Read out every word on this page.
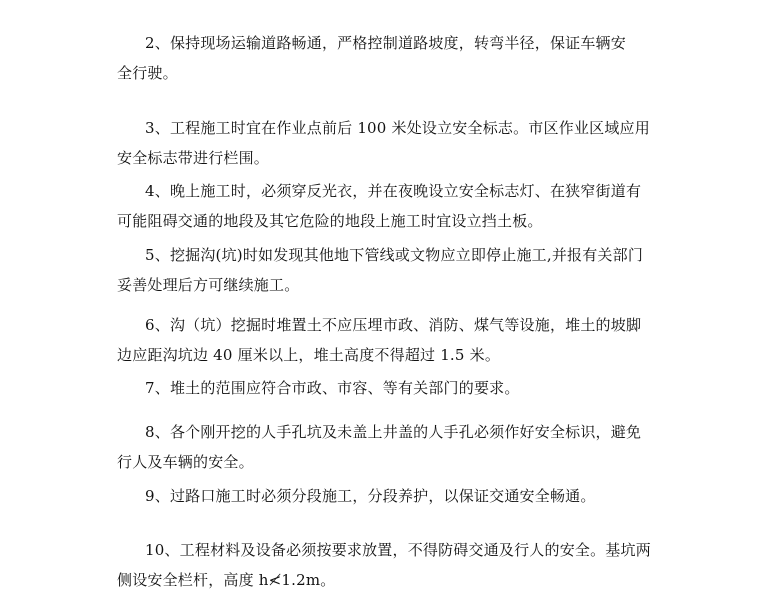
2、保持现场运输道路畅通，严格控制道路坡度，转弯半径，保证车辆安
全行驶。
3、工程施工时宜在作业点前后 100 米处设立安全标志。市区作业区域应用
安全标志带进行栏围。
4、晚上施工时，必须穿反光衣，并在夜晚设立安全标志灯、在狭窄街道有
可能阻碍交通的地段及其它危险的地段上施工时宜设立挡土板。
5、挖掘沟(坑)时如发现其他地下管线或文物应立即停止施工,并报有关部门
妥善处理后方可继续施工。
6、沟（坑）挖掘时堆置土不应压埋市政、消防、煤气等设施，堆土的坡脚
边应距沟坑边 40 厘米以上，堆土高度不得超过 1.5 米。
7、堆土的范围应符合市政、市容、等有关部门的要求。
8、各个刚开挖的人手孔坑及未盖上井盖的人手孔必须作好安全标识，避免
行人及车辆的安全。
9、过路口施工时必须分段施工，分段养护，以保证交通安全畅通。
10、工程材料及设备必须按要求放置，不得防碍交通及行人的安全。基坑两
侧设安全栏杆，高度 h≮1.2m。
